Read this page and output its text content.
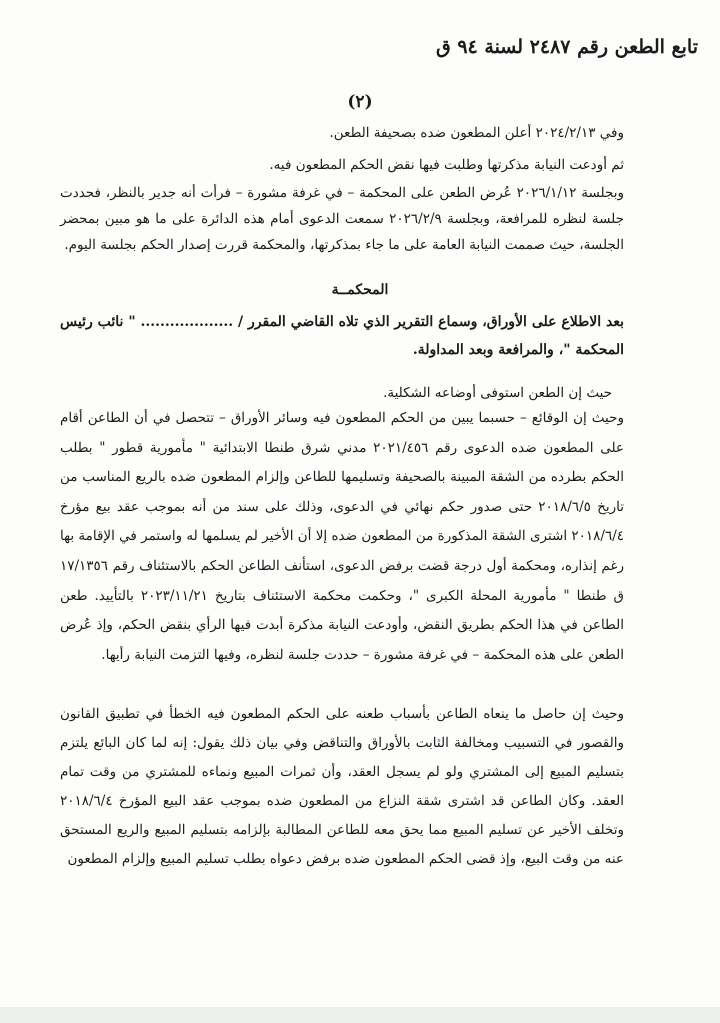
تابع الطعن رقم ٢٤٨٧ لسنة ٩٤ ق
(٢)

وفي ٢٠٢٤/٢/١٣ أعلن المطعون ضده بصحيفة الطعن.

ثم أودعت النيابة مذكرتها وطلبت فيها نقض الحكم المطعون فيه.

وبجلسة ٢٠٢٦/١/١٢ عُرض الطعن على المحكمة – في غرفة مشورة – فرأت أنه جدير بالنظر، فحددت جلسة لنظره للمرافعة، وبجلسة ٢٠٢٦/٢/٩ سمعت الدعوى أمام هذه الدائرة على ما هو مبين بمحضر الجلسة، حيث صممت النيابة العامة على ما جاء بمذكرتها، والمحكمة قررت إصدار الحكم بجلسة اليوم.

المحكمــة
بعد الاطلاع على الأوراق، وسماع التقرير الذي تلاه القاضي المقرر / ................... " نائب رئيس المحكمة "، والمرافعة وبعد المداولة.
حيث إن الطعن استوفى أوضاعه الشكلية.
وحيث إن الوقائع – حسبما يبين من الحكم المطعون فيه وسائر الأوراق – تتحصل في أن الطاعن أقام على المطعون ضده الدعوى رقم ٢٠٢١/٤٥٦ مدني شرق طنطا الابتدائية " مأمورية قطور " بطلب الحكم بطرده من الشقة المبينة بالصحيفة وتسليمها للطاعن وإلزام المطعون ضده بالريع المناسب من تاريخ ٢٠١٨/٦/٥ حتى صدور حكم نهائي في الدعوى، وذلك على سند من أنه بموجب عقد بيع مؤرخ ٢٠١٨/٦/٤ اشترى الشقة المذكورة من المطعون ضده إلا أن الأخير لم يسلمها له واستمر في الإقامة بها رغم إنذاره، ومحكمة أول درجة قضت برفض الدعوى، استأنف الطاعن الحكم بالاستئناف رقم ١٧/١٣٥٦ ق طنطا " مأمورية المحلة الكبرى "، وحكمت محكمة الاستئناف بتاريخ ٢٠٢٣/١١/٢١ بالتأييد. طعن الطاعن في هذا الحكم بطريق النقض، وأودعت النيابة مذكرة أبدت فيها الرأي بنقض الحكم، وإذ عُرض الطعن على هذه المحكمة – في غرفة مشورة – حددت جلسة لنظره، وفيها التزمت النيابة رأيها.
وحيث إن حاصل ما ينعاه الطاعن بأسباب طعنه على الحكم المطعون فيه الخطأ في تطبيق القانون والقصور في التسبيب ومخالفة الثابت بالأوراق والتناقض وفي بيان ذلك يقول: إنه لما كان البائع يلتزم بتسليم المبيع إلى المشتري ولو لم يسجل العقد، وأن ثمرات المبيع ونماءه للمشتري من وقت تمام العقد. وكان الطاعن قد اشترى شقة النزاع من المطعون ضده بموجب عقد البيع المؤرخ ٢٠١٨/٦/٤ وتخلف الأخير عن تسليم المبيع مما يحق معه للطاعن المطالبة بإلزامه بتسليم المبيع والريع المستحق عنه من وقت البيع، وإذ قضى الحكم المطعون ضده برفض دعواه بطلب تسليم المبيع وإلزام المطعون
